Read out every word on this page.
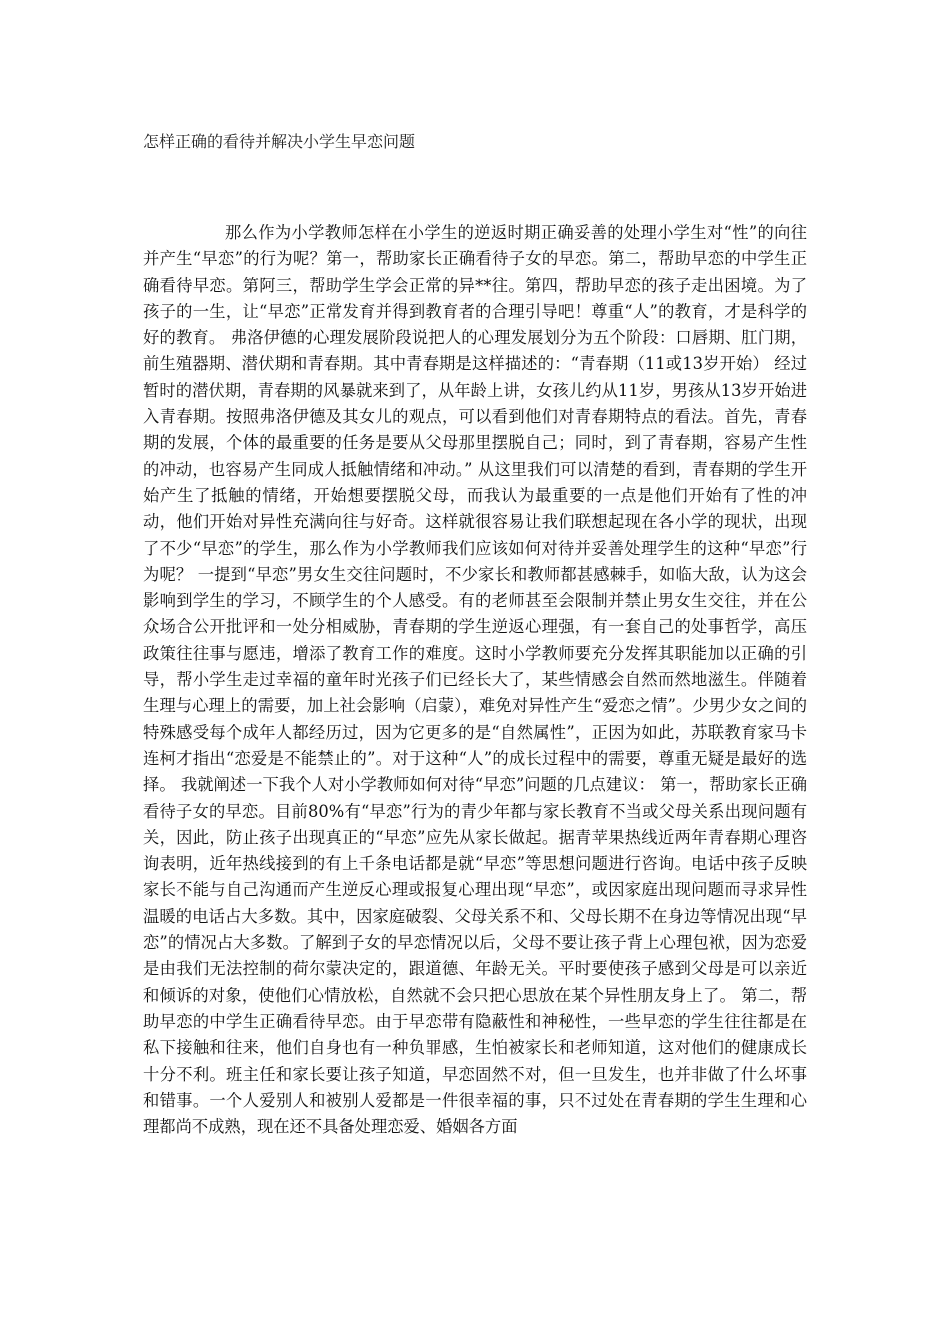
怎样正确的看待并解决小学生早恋问题

那么作为小学教师怎样在小学生的逆返时期正确妥善的处理小学生对“性”的向往并产生“早恋”的行为呢？第一，帮助家长正确看待子女的早恋。第二，帮助早恋的中学生正确看待早恋。第阿三，帮助学生学会正常的异**往。第四，帮助早恋的孩子走出困境。为了孩子的一生，让“早恋”正常发育并得到教育者的合理引导吧！尊重“人”的教育，才是科学的好的教育。 弗洛伊德的心理发展阶段说把人的心理发展划分为五个阶段：口唇期、肛门期，前生殖器期、潜伏期和青春期。其中青春期是这样描述的：“青春期（11或13岁开始） 经过暂时的潜伏期，青春期的风暴就来到了，从年龄上讲，女孩儿约从11岁，男孩从13岁开始进入青春期。按照弗洛伊德及其女儿的观点，可以看到他们对青春期特点的看法。首先，青春期的发展，个体的最重要的任务是要从父母那里摆脱自己；同时，到了青春期，容易产生性的冲动，也容易产生同成人抵触情绪和冲动。” 从这里我们可以清楚的看到，青春期的学生开始产生了抵触的情绪，开始想要摆脱父母，而我认为最重要的一点是他们开始有了性的冲动，他们开始对异性充满向往与好奇。这样就很容易让我们联想起现在各小学的现状，出现了不少“早恋”的学生，那么作为小学教师我们应该如何对待并妥善处理学生的这种“早恋”行为呢？ 一提到“早恋”男女生交往问题时，不少家长和教师都甚感棘手，如临大敌，认为这会影响到学生的学习，不顾学生的个人感受。有的老师甚至会限制并禁止男女生交往，并在公众场合公开批评和一处分相威胁，青春期的学生逆返心理强，有一套自己的处事哲学，高压政策往往事与愿违，增添了教育工作的难度。这时小学教师要充分发挥其职能加以正确的引导，帮小学生走过幸福的童年时光孩子们已经长大了，某些情感会自然而然地滋生。伴随着生理与心理上的需要，加上社会影响（启蒙），难免对异性产生“爱恋之情”。少男少女之间的特殊感受每个成年人都经历过，因为它更多的是“自然属性”，正因为如此，苏联教育家马卡连柯才指出“恋爱是不能禁止的”。对于这种“人”的成长过程中的需要，尊重无疑是最好的选择。 我就阐述一下我个人对小学教师如何对待“早恋”问题的几点建议： 第一，帮助家长正确看待子女的早恋。目前80%有“早恋”行为的青少年都与家长教育不当或父母关系出现问题有关，因此，防止孩子出现真正的“早恋”应先从家长做起。据青苹果热线近两年青春期心理咨询表明，近年热线接到的有上千条电话都是就“早恋”等思想问题进行咨询。电话中孩子反映家长不能与自己沟通而产生逆反心理或报复心理出现“早恋”，或因家庭出现问题而寻求异性温暖的电话占大多数。其中，因家庭破裂、父母关系不和、父母长期不在身边等情况出现“早恋”的情况占大多数。了解到子女的早恋情况以后，父母不要让孩子背上心理包袱，因为恋爱是由我们无法控制的荷尔蒙决定的，跟道德、年龄无关。平时要使孩子感到父母是可以亲近和倾诉的对象，使他们心情放松，自然就不会只把心思放在某个异性朋友身上了。 第二，帮助早恋的中学生正确看待早恋。由于早恋带有隐蔽性和神秘性，一些早恋的学生往往都是在私下接触和往来，他们自身也有一种负罪感，生怕被家长和老师知道，这对他们的健康成长十分不利。班主任和家长要让孩子知道，早恋固然不对，但一旦发生，也并非做了什么坏事和错事。一个人爱别人和被别人爱都是一件很幸福的事，只不过处在青春期的学生生理和心理都尚不成熟，现在还不具备处理恋爱、婚姻各方面
